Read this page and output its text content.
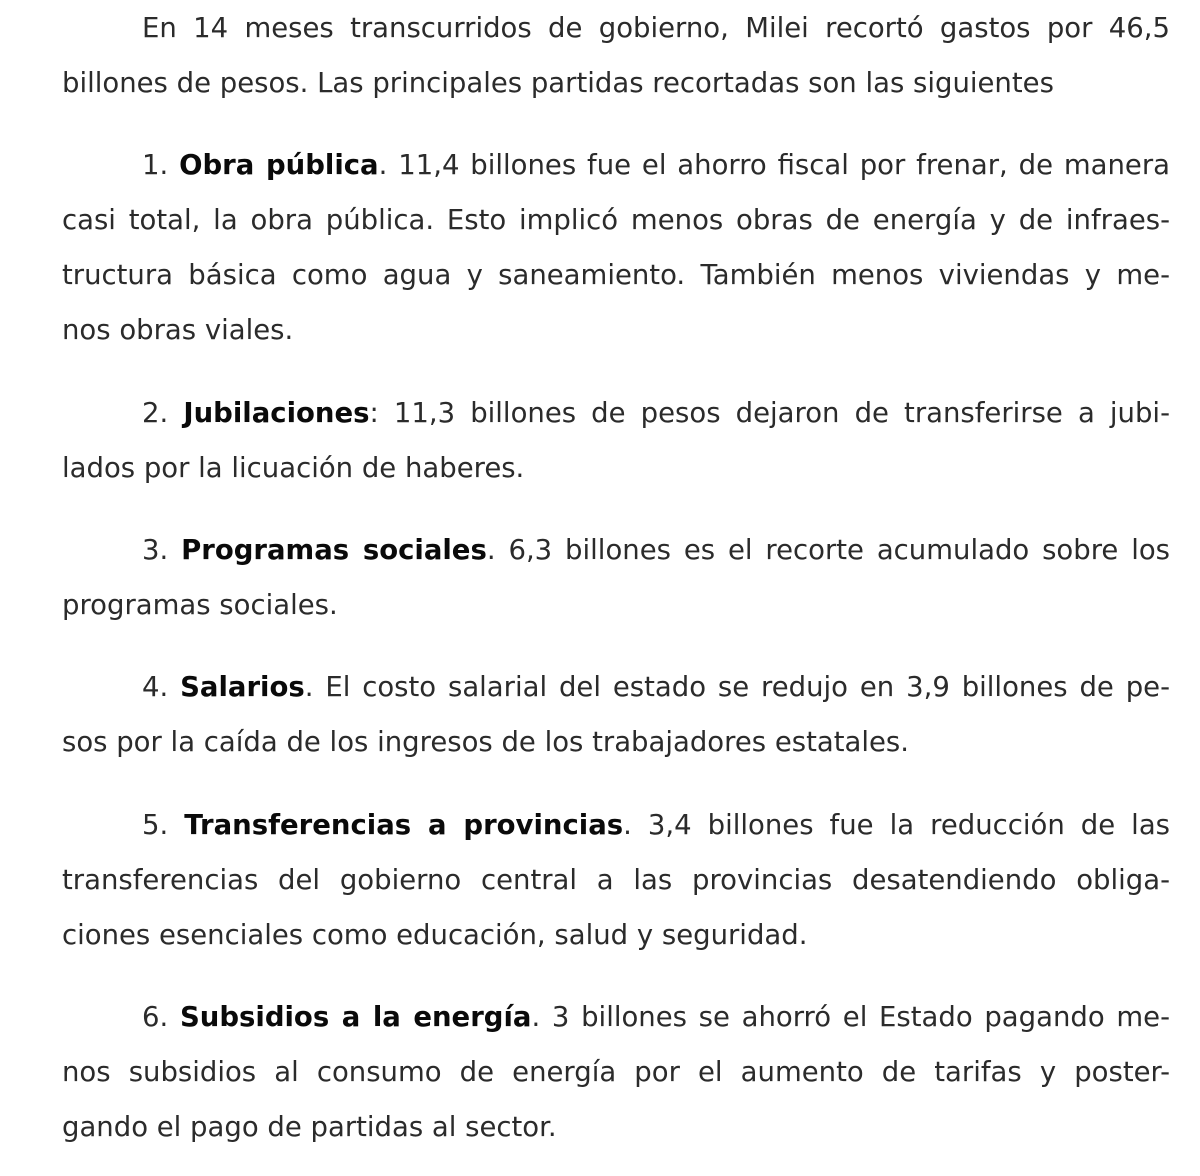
En 14 meses transcurridos de gobierno, Milei recortó gastos por 46,5
billones de pesos. Las principales partidas recortadas son las siguientes
1. Obra pública. 11,4 billones fue el ahorro fiscal por frenar, de manera
casi total, la obra pública. Esto implicó menos obras de energía y de infraes-
tructura básica como agua y saneamiento. También menos viviendas y me-
nos obras viales.
2. Jubilaciones: 11,3 billones de pesos dejaron de transferirse a jubi-
lados por la licuación de haberes.
3. Programas sociales. 6,3 billones es el recorte acumulado sobre los
programas sociales.
4. Salarios. El costo salarial del estado se redujo en 3,9 billones de pe-
sos por la caída de los ingresos de los trabajadores estatales.
5. Transferencias a provincias. 3,4 billones fue la reducción de las
transferencias del gobierno central a las provincias desatendiendo obliga-
ciones esenciales como educación, salud y seguridad.
6. Subsidios a la energía. 3 billones se ahorró el Estado pagando me-
nos subsidios al consumo de energía por el aumento de tarifas y poster-
gando el pago de partidas al sector.
